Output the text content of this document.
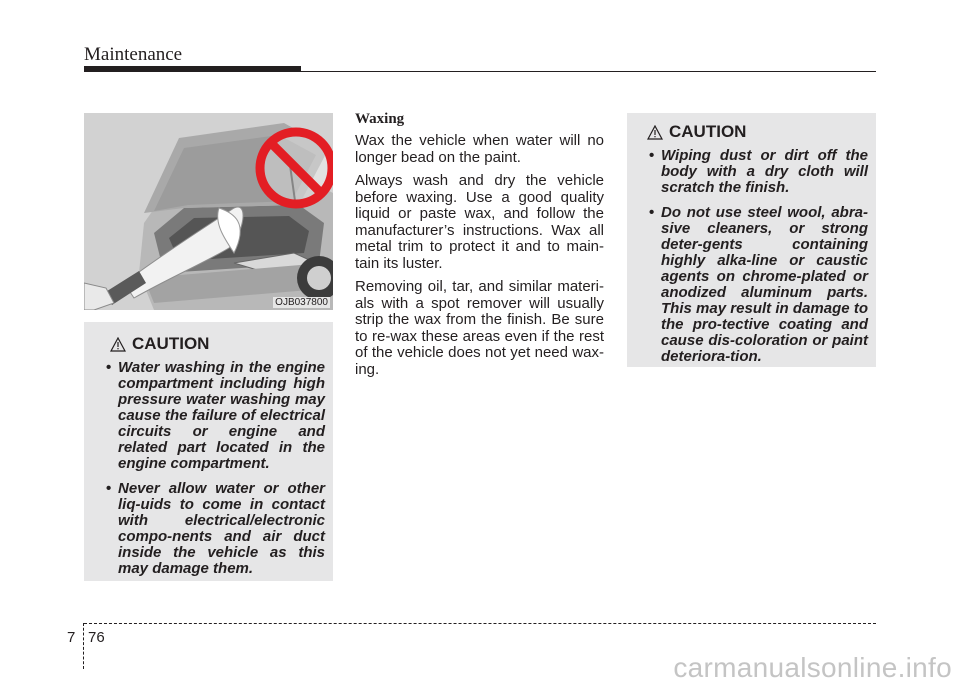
Maintenance
OJB037800
CAUTION
• Water washing in the engine compartment including high pressure water washing may cause the failure of electrical circuits or engine and related part located in the engine compartment.
• Never allow water or other liq-uids to come in contact with electrical/electronic compo-nents and air duct inside the vehicle as this may damage them.

Waxing

Wax the vehicle when water will no longer bead on the paint.

Always wash and dry the vehicle before waxing. Use a good quality liquid or paste wax, and follow the manufacturer’s instructions. Wax all metal trim to protect it and to main-tain its luster.

Removing oil, tar, and similar materi-als with a spot remover will usually strip the wax from the finish. Be sure to re-wax these areas even if the rest of the vehicle does not yet need wax-ing.

CAUTION
• Wiping dust or dirt off the body with a dry cloth will scratch the finish.
• Do not use steel wool, abra-sive cleaners, or strong deter-gents containing highly alka-line or caustic agents on chrome-plated or anodized aluminum parts. This may result in damage to the pro-tective coating and cause dis-coloration or paint deteriora-tion.
7 76
carmanualsonline.info
